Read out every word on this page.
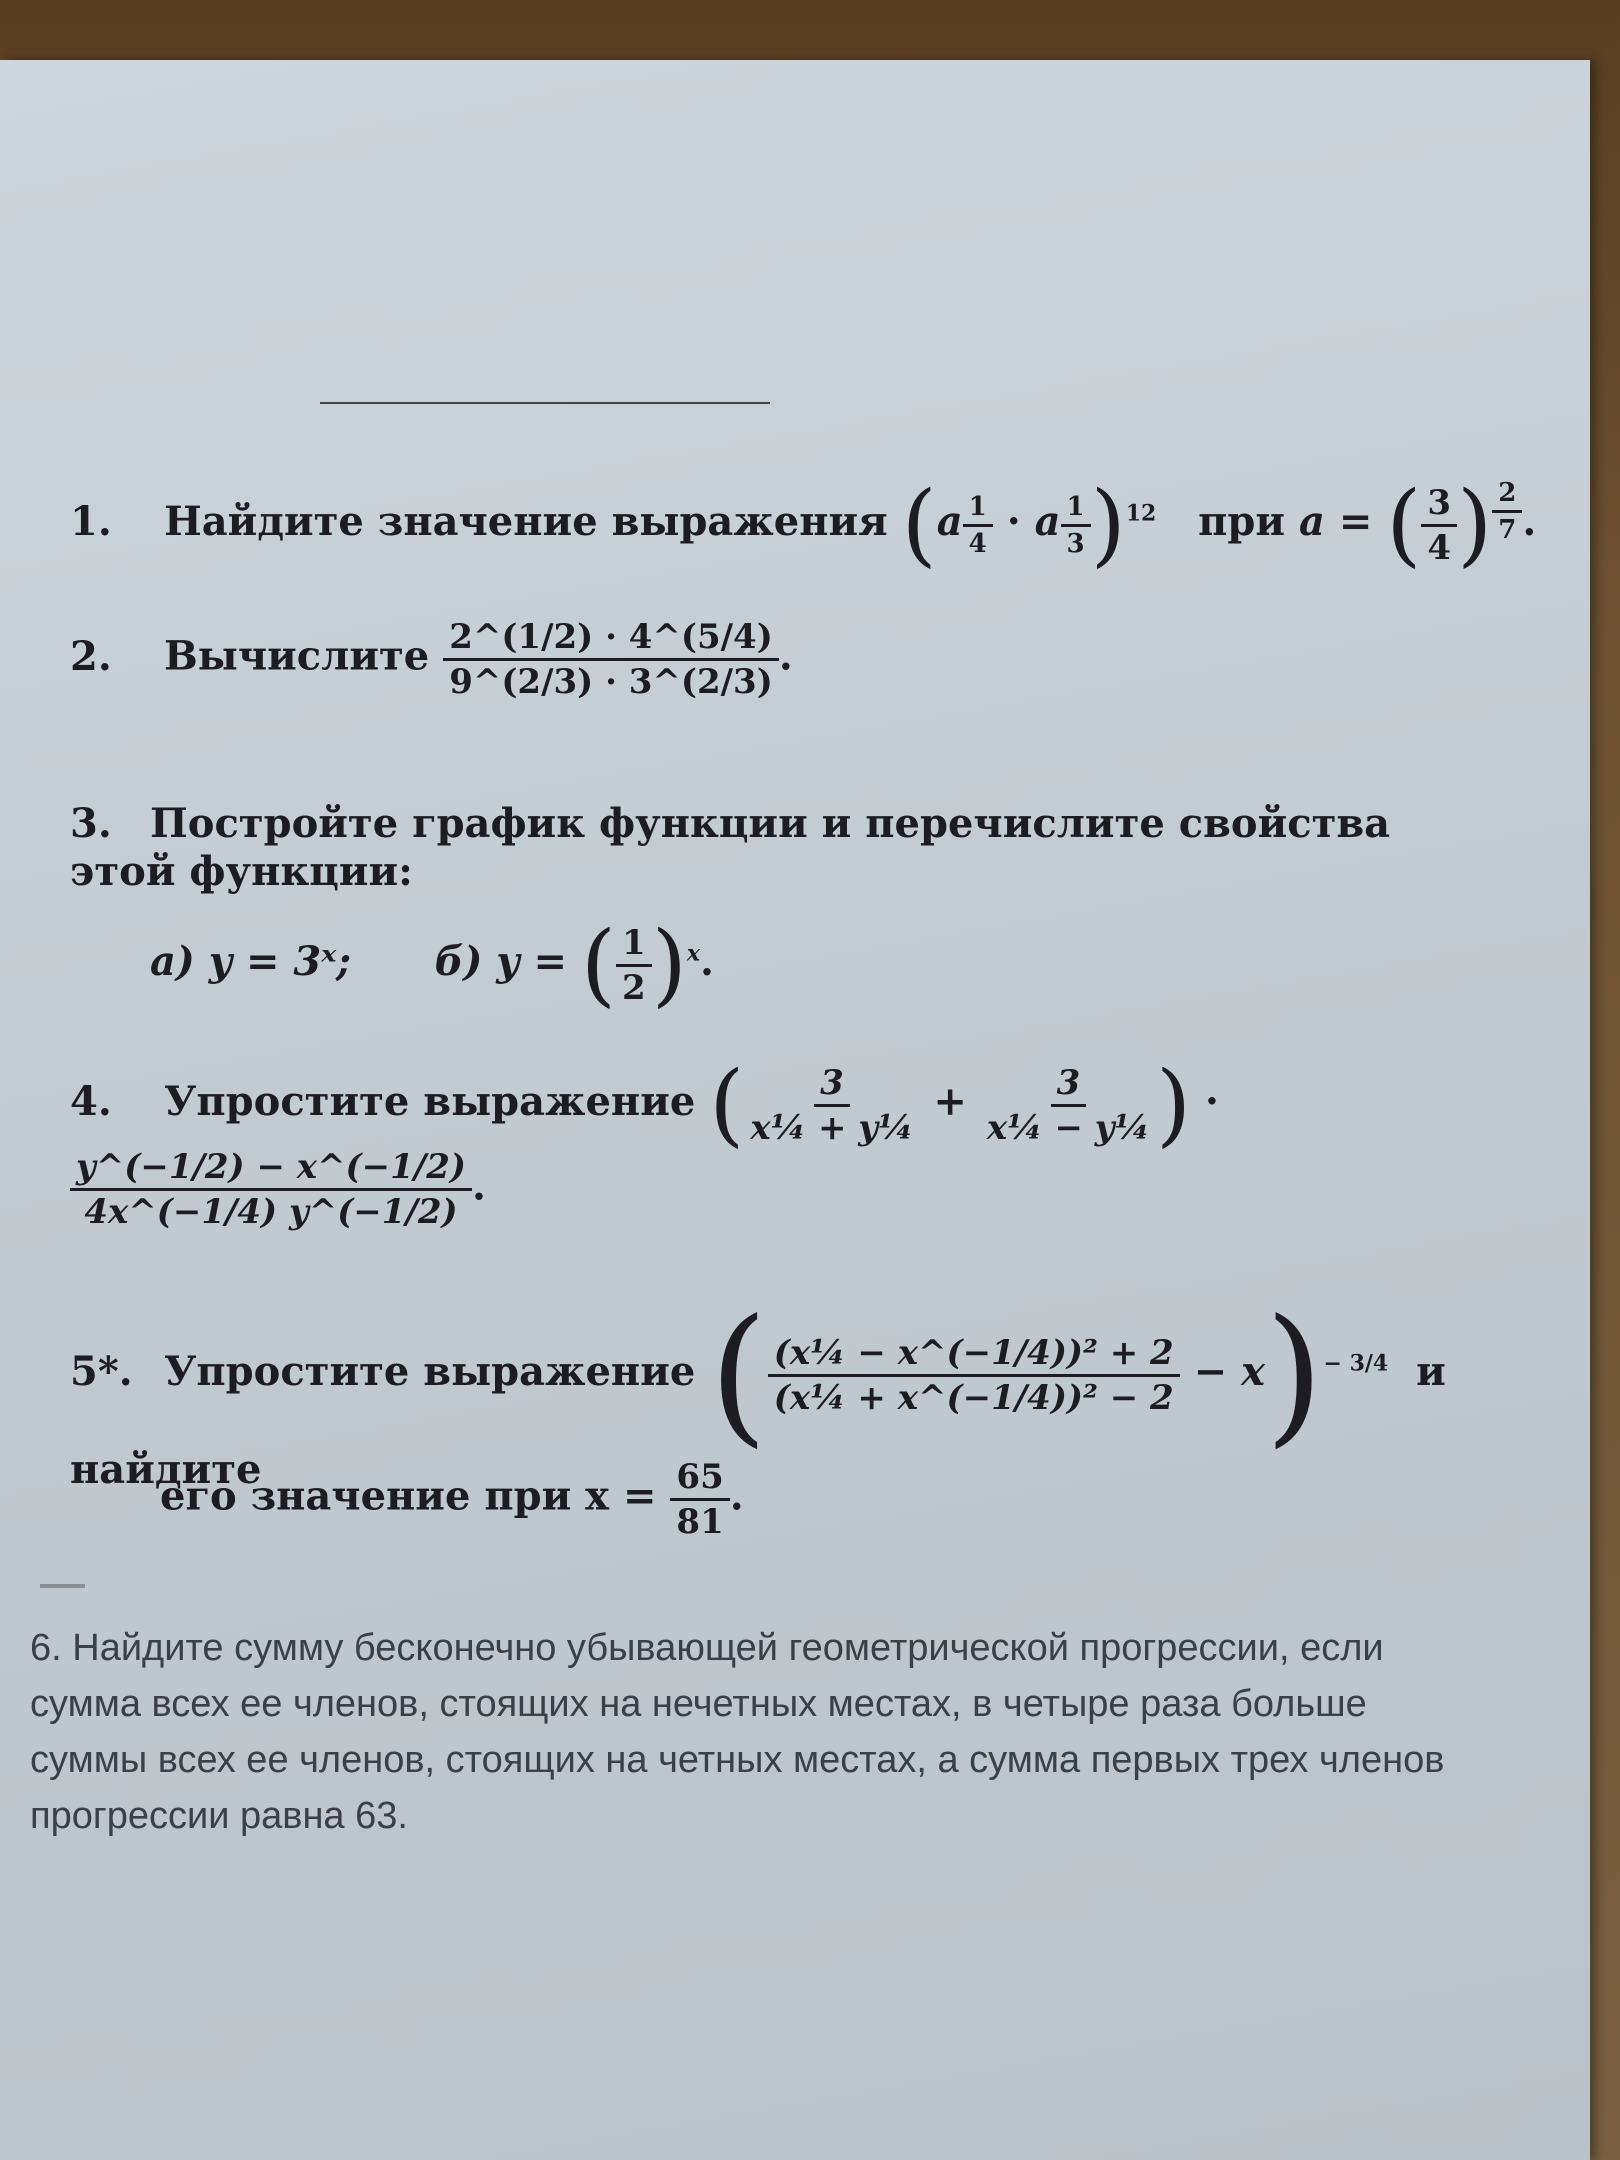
1. Найдите значение выражения $(a \frac{1}{4} \cdot a \frac{1}{3} )^{12}$ при a = ( $\frac{3}{4}$ ) $\frac{2}{7}$ .
2. Вычислите $\frac{2\^{}(1/2) \cdot 4\^{}(5/4)}{9\^{}(2/3) \cdot 3\^{}(2/3)}$ .
3. Постройте график функции и перечислите свойства этой функции:
а) y = 3ˣ; б) y = ( $\frac{1}{2} )^x$.
4. Упростите выражение ( $\frac{3}{\text{x¼ + y¼}} + \frac{3}{\text{x¼ − y¼}}$ ) ·
$\frac{y\^{}(-1/2) - x\^{}(-1/2)}{4x\^{}(-1/4) y\^{}(-1/2)}$ .
5*. Упростите выражение ( $\frac{\text{(x¼ − x\textasciicircum{}(−1/4))² + 2}}{\text{(x¼ + x\textasciicircum{}(−1/4))² − 2}} - x)^{- 3/4}$ и найдите
его значение при $x = \frac{65}{81}$ .
6. Найдите сумму бесконечно убывающей геометрической прогрессии, если сумма всех ее членов, стоящих на нечетных местах, в четыре раза больше суммы всех ее членов, стоящих на четных местах, а сумма первых трех членов прогрессии равна 63.
